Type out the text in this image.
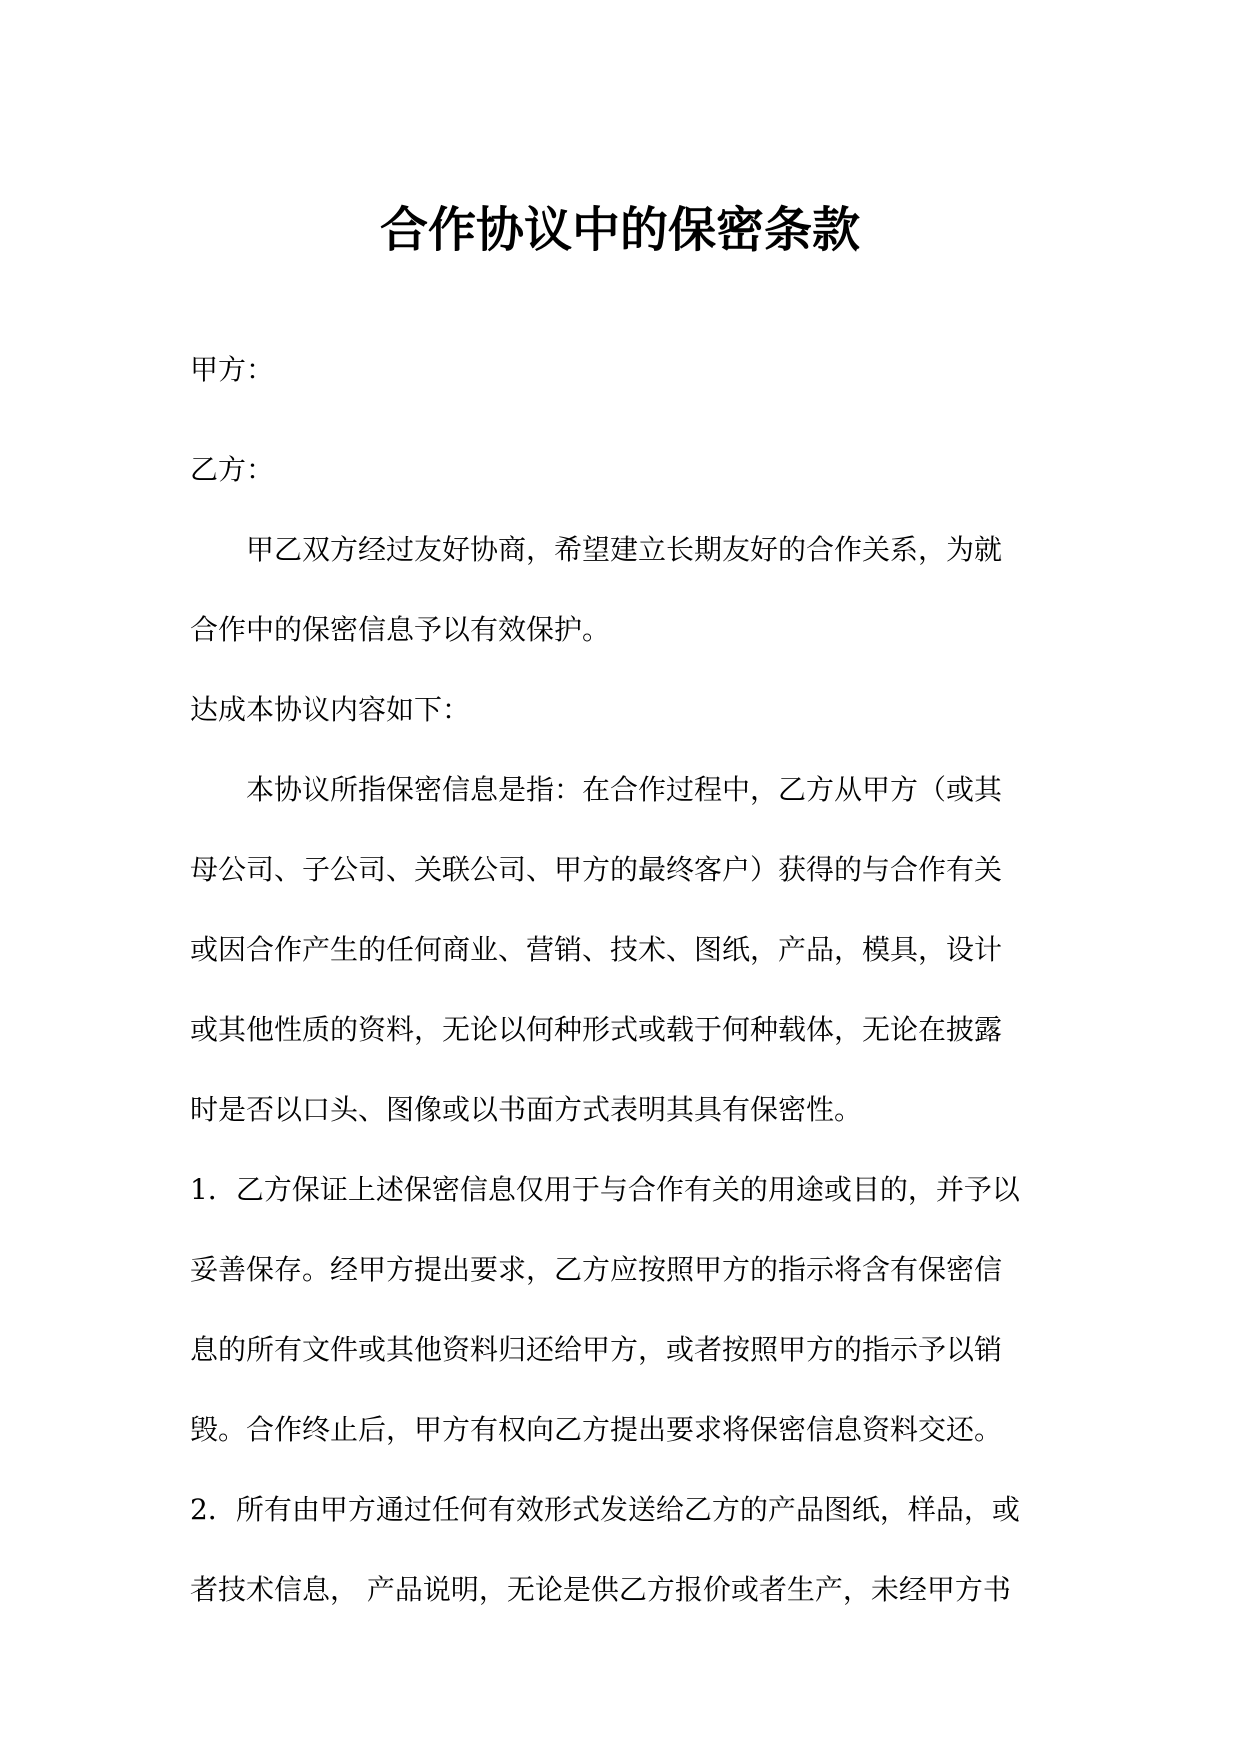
合作协议中的保密条款
甲方：
乙方：
甲乙双方经过友好协商，希望建立长期友好的合作关系，为就
合作中的保密信息予以有效保护。
达成本协议内容如下：
本协议所指保密信息是指：在合作过程中，乙方从甲方（或其
母公司、子公司、关联公司、甲方的最终客户）获得的与合作有关
或因合作产生的任何商业、营销、技术、图纸，产品，模具，设计
或其他性质的资料，无论以何种形式或载于何种载体，无论在披露
时是否以口头、图像或以书面方式表明其具有保密性。
1．乙方保证上述保密信息仅用于与合作有关的用途或目的，并予以
妥善保存。经甲方提出要求，乙方应按照甲方的指示将含有保密信
息的所有文件或其他资料归还给甲方，或者按照甲方的指示予以销
毁。合作终止后，甲方有权向乙方提出要求将保密信息资料交还。
2．所有由甲方通过任何有效形式发送给乙方的产品图纸，样品，或
者技术信息， 产品说明，无论是供乙方报价或者生产，未经甲方书
